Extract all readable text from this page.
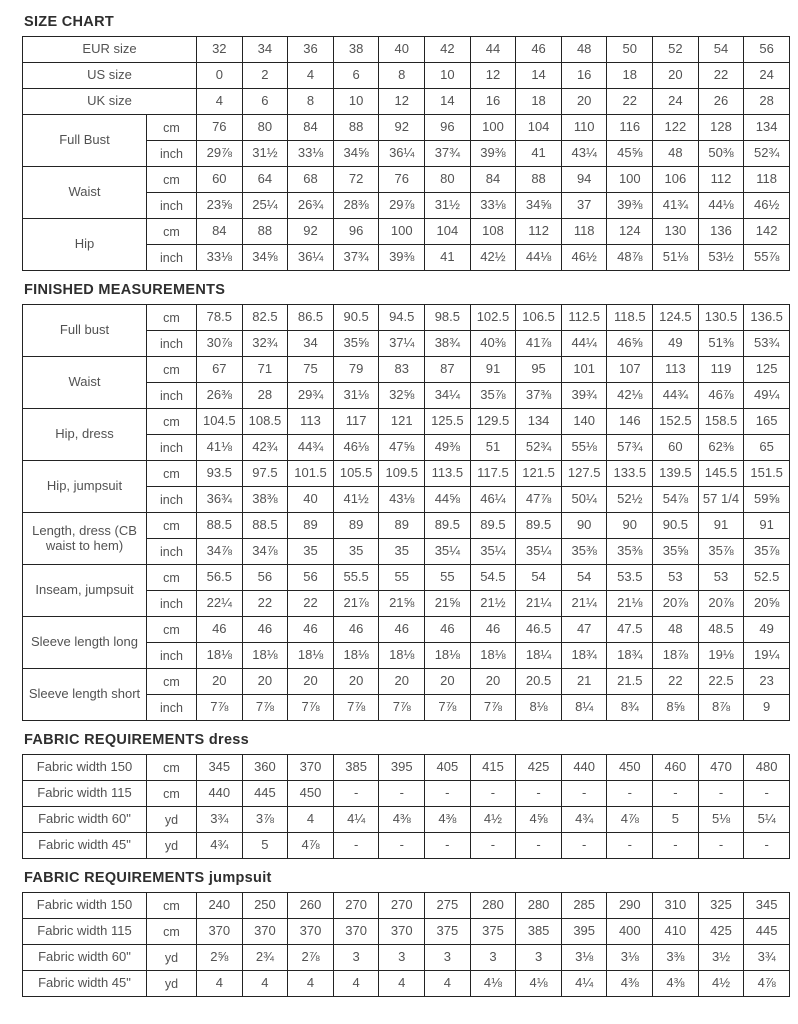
SIZE CHART
EUR size		32	34	36	38	40	42	44	46	48	50	52	54	56
US size		0	2	4	6	8	10	12	14	16	18	20	22	24
UK size		4	6	8	10	12	14	16	18	20	22	24	26	28
Full Bust	cm	76	80	84	88	92	96	100	104	110	116	122	128	134
	inch	29⅞	31½	33⅛	34⅝	36¼	37¾	39⅜	41	43¼	45⅝	48	50⅜	52¾
Waist	cm	60	64	68	72	76	80	84	88	94	100	106	112	118
	inch	23⅝	25¼	26¾	28⅜	29⅞	31½	33⅛	34⅝	37	39⅜	41¾	44⅛	46½
Hip	cm	84	88	92	96	100	104	108	112	118	124	130	136	142
	inch	33⅛	34⅝	36¼	37¾	39⅜	41	42½	44⅛	46½	48⅞	51⅛	53½	55⅞
FINISHED MEASUREMENTS
Full bust	cm	78.5	82.5	86.5	90.5	94.5	98.5	102.5	106.5	112.5	118.5	124.5	130.5	136.5
	inch	30⅞	32¾	34	35⅝	37¼	38¾	40⅜	41⅞	44¼	46⅝	49	51⅜	53¾
Waist	cm	67	71	75	79	83	87	91	95	101	107	113	119	125
	inch	26⅜	28	29¾	31⅛	32⅝	34¼	35⅞	37⅜	39¾	42⅛	44¾	46⅞	49¼
Hip, dress	cm	104.5	108.5	113	117	121	125.5	129.5	134	140	146	152.5	158.5	165
	inch	41⅛	42¾	44¾	46⅛	47⅝	49⅜	51	52¾	55⅛	57¾	60	62⅜	65
Hip, jumpsuit	cm	93.5	97.5	101.5	105.5	109.5	113.5	117.5	121.5	127.5	133.5	139.5	145.5	151.5
	inch	36¾	38⅜	40	41½	43⅛	44⅝	46¼	47⅞	50¼	52½	54⅞	57 1/4	59⅝
Length, dress (CB waist to hem)	cm	88.5	88.5	89	89	89	89.5	89.5	89.5	90	90	90.5	91	91
	inch	34⅞	34⅞	35	35	35	35¼	35¼	35¼	35⅜	35⅜	35⅝	35⅞	35⅞
Inseam, jumpsuit	cm	56.5	56	56	55.5	55	55	54.5	54	54	53.5	53	53	52.5
	inch	22¼	22	22	21⅞	21⅝	21⅝	21½	21¼	21¼	21⅛	20⅞	20⅞	20⅝
Sleeve length long	cm	46	46	46	46	46	46	46	46.5	47	47.5	48	48.5	49
	inch	18⅛	18⅛	18⅛	18⅛	18⅛	18⅛	18⅛	18¼	18¾	18¾	18⅞	19⅛	19¼
Sleeve length short	cm	20	20	20	20	20	20	20	20.5	21	21.5	22	22.5	23
	inch	7⅞	7⅞	7⅞	7⅞	7⅞	7⅞	7⅞	8⅛	8¼	8¾	8⅝	8⅞	9
FABRIC REQUIREMENTS dress
Fabric width 150	cm	345	360	370	385	395	405	415	425	440	450	460	470	480
Fabric width 115	cm	440	445	450	-	-	-	-	-	-	-	-	-	-
Fabric width 60"	yd	3¾	3⅞	4	4¼	4⅜	4⅜	4½	4⅝	4¾	4⅞	5	5⅛	5¼
Fabric width 45"	yd	4¾	5	4⅞	-	-	-	-	-	-	-	-	-	-
FABRIC REQUIREMENTS jumpsuit
Fabric width 150	cm	240	250	260	270	270	275	280	280	285	290	310	325	345
Fabric width 115	cm	370	370	370	370	370	375	375	385	395	400	410	425	445
Fabric width 60"	yd	2⅝	2¾	2⅞	3	3	3	3	3	3⅛	3⅛	3⅜	3½	3¾
Fabric width 45"	yd	4	4	4	4	4	4	4⅛	4⅛	4¼	4⅜	4⅜	4½	4⅞
